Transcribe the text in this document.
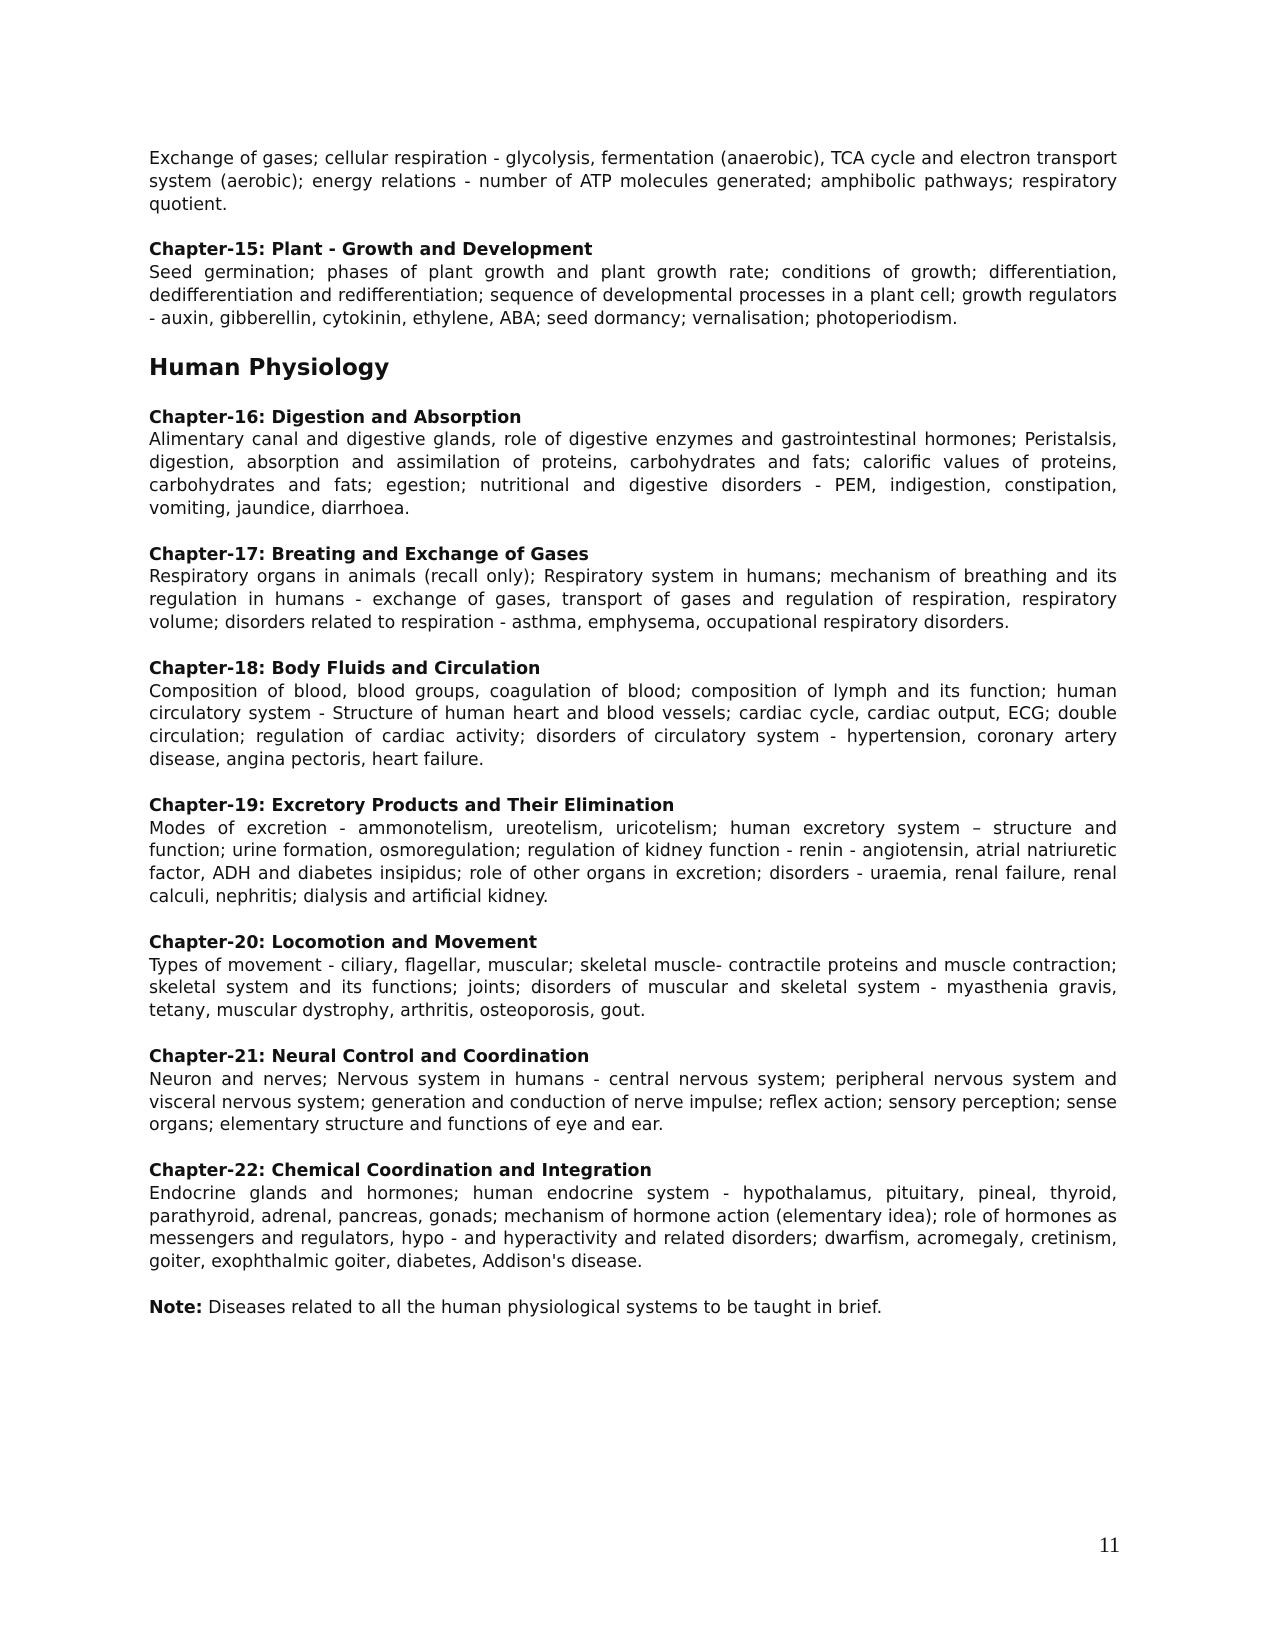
Exchange of gases; cellular respiration - glycolysis, fermentation (anaerobic), TCA cycle and electron transport system (aerobic); energy relations - number of ATP molecules generated; amphibolic pathways; respiratory quotient.

Chapter-15: Plant - Growth and Development

Seed germination; phases of plant growth and plant growth rate; conditions of growth; differentiation, dedifferentiation and redifferentiation; sequence of developmental processes in a plant cell; growth regulators - auxin, gibberellin, cytokinin, ethylene, ABA; seed dormancy; vernalisation; photoperiodism.

Human Physiology

Chapter-16: Digestion and Absorption

Alimentary canal and digestive glands, role of digestive enzymes and gastrointestinal hormones; Peristalsis, digestion, absorption and assimilation of proteins, carbohydrates and fats; calorific values of proteins, carbohydrates and fats; egestion; nutritional and digestive disorders - PEM, indigestion, constipation, vomiting, jaundice, diarrhoea.

Chapter-17: Breating and Exchange of Gases

Respiratory organs in animals (recall only); Respiratory system in humans; mechanism of breathing and its regulation in humans - exchange of gases, transport of gases and regulation of respiration, respiratory volume; disorders related to respiration - asthma, emphysema, occupational respiratory disorders.

Chapter-18: Body Fluids and Circulation

Composition of blood, blood groups, coagulation of blood; composition of lymph and its function; human circulatory system - Structure of human heart and blood vessels; cardiac cycle, cardiac output, ECG; double circulation; regulation of cardiac activity; disorders of circulatory system - hypertension, coronary artery disease, angina pectoris, heart failure.

Chapter-19: Excretory Products and Their Elimination

Modes of excretion - ammonotelism, ureotelism, uricotelism; human excretory system – structure and function; urine formation, osmoregulation; regulation of kidney function - renin - angiotensin, atrial natriuretic factor, ADH and diabetes insipidus; role of other organs in excretion; disorders - uraemia, renal failure, renal calculi, nephritis; dialysis and artificial kidney.

Chapter-20: Locomotion and Movement

Types of movement - ciliary, flagellar, muscular; skeletal muscle- contractile proteins and muscle contraction; skeletal system and its functions; joints; disorders of muscular and skeletal system - myasthenia gravis, tetany, muscular dystrophy, arthritis, osteoporosis, gout.

Chapter-21: Neural Control and Coordination

Neuron and nerves; Nervous system in humans - central nervous system; peripheral nervous system and visceral nervous system; generation and conduction of nerve impulse; reflex action; sensory perception; sense organs; elementary structure and functions of eye and ear.

Chapter-22: Chemical Coordination and Integration

Endocrine glands and hormones; human endocrine system - hypothalamus, pituitary, pineal, thyroid, parathyroid, adrenal, pancreas, gonads; mechanism of hormone action (elementary idea); role of hormones as messengers and regulators, hypo - and hyperactivity and related disorders; dwarfism, acromegaly, cretinism, goiter, exophthalmic goiter, diabetes, Addison's disease.

Note: Diseases related to all the human physiological systems to be taught in brief.

11
